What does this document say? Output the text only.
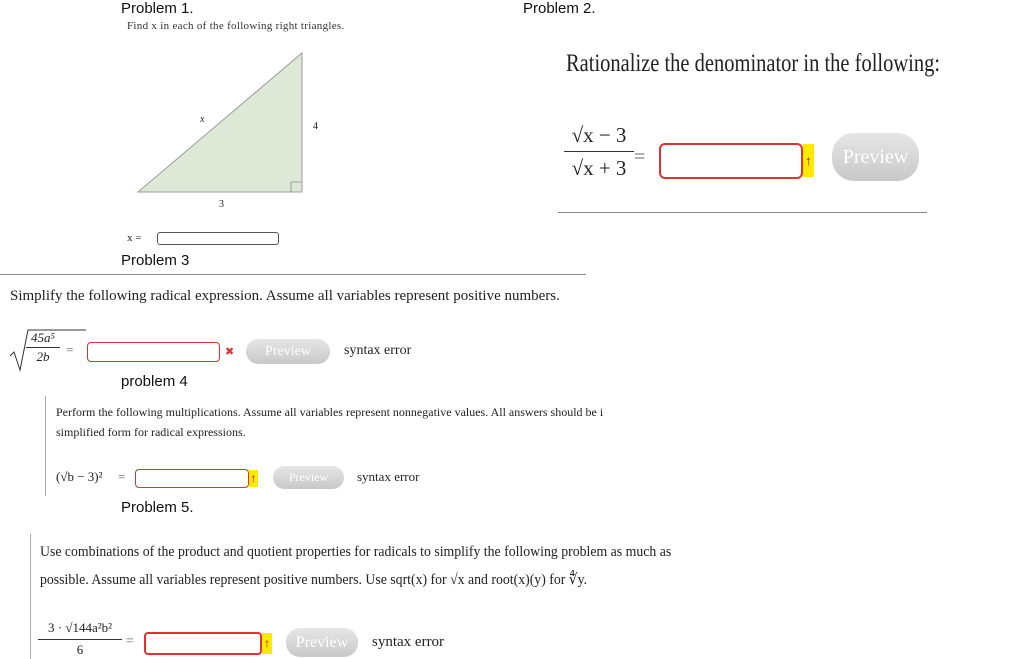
Problem 1.
Find x in each of the following right triangles.
x
4
3
x =
Problem 2.
Rationalize the denominator in the following:
√x − 3
√x + 3 =	↑	Preview
Problem 3
Simplify the following radical expression. Assume all variables represent positive numbers.
45a⁵
2b	=	✖	Preview	syntax error
problem 4
Perform the following multiplications. Assume all variables represent nonnegative values. All answers should be i
simplified form for radical expressions.
(√b − 3)² =	↑	Preview	syntax error
Problem 5.
Use combinations of the product and quotient properties for radicals to simplify the following problem as much as
possible. Assume all variables represent positive numbers. Use sqrt(x) for √x and root(x)(y) for ∜y.
3 · √144a²b²
6
=	↑	Preview	syntax error
